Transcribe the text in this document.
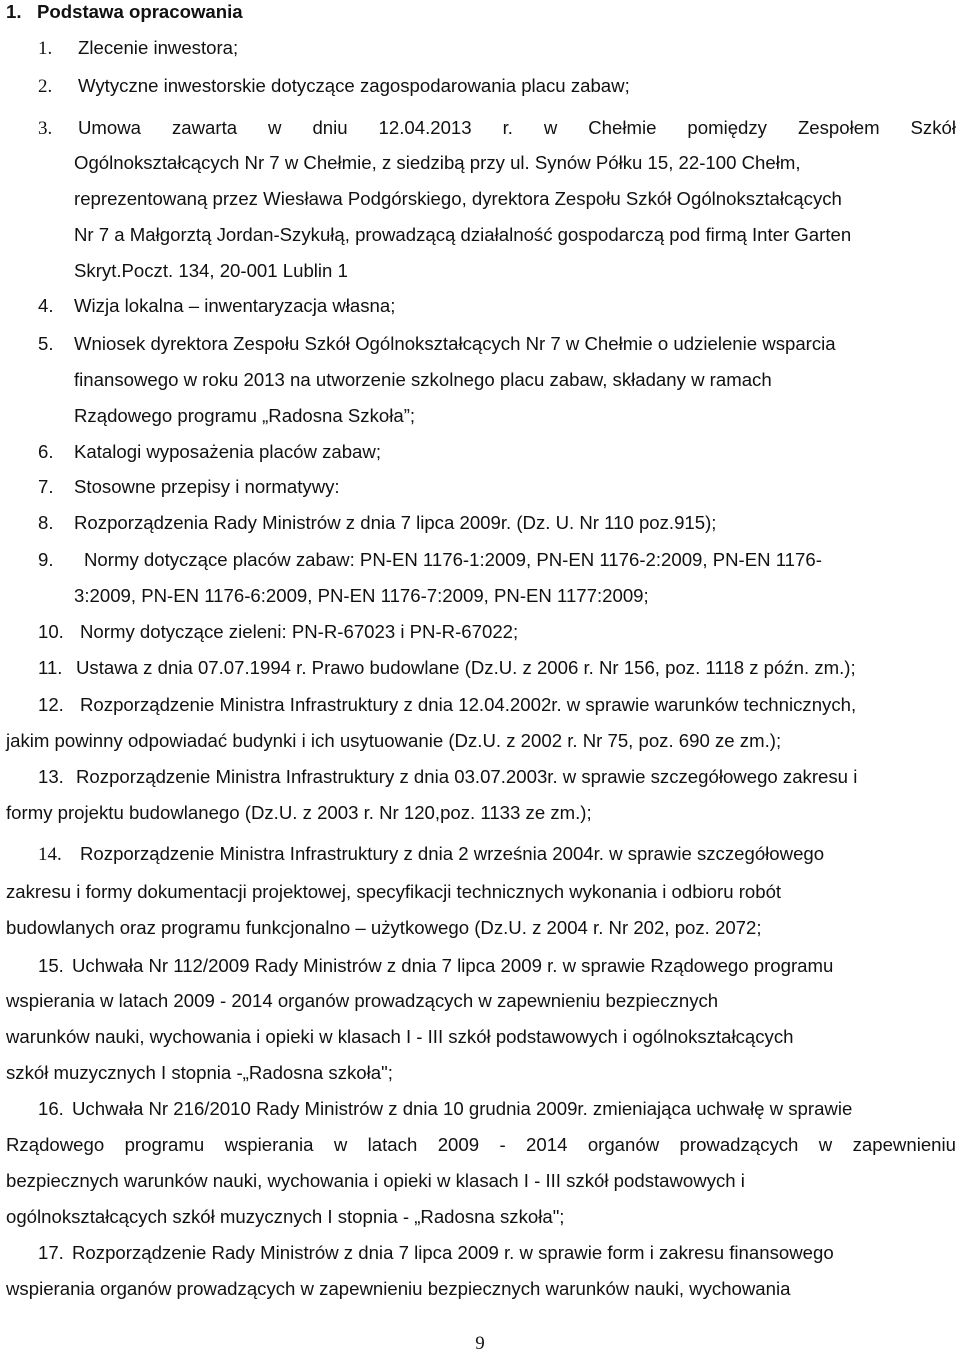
1. Podstawa opracowania
1. Zlecenie inwestora;
2. Wytyczne inwestorskie dotyczące zagospodarowania placu zabaw;
3. Umowa zawarta w dniu 12.04.2013 r. w Chełmie pomiędzy Zespołem Szkół
Ogólnokształcących Nr 7 w Chełmie, z siedzibą przy ul. Synów Półku 15, 22-100 Chełm,
reprezentowaną przez Wiesława Podgórskiego, dyrektora Zespołu Szkół Ogólnokształcących
Nr 7 a Małgorztą Jordan-Szykułą, prowadzącą działalność gospodarczą pod firmą Inter Garten
Skryt.Poczt. 134, 20-001 Lublin 1
4. Wizja lokalna – inwentaryzacja własna;
5. Wniosek dyrektora Zespołu Szkół Ogólnokształcących Nr 7 w Chełmie o udzielenie wsparcia
finansowego w roku 2013 na utworzenie szkolnego placu zabaw, składany w ramach
Rządowego programu „Radosna Szkoła”;
6. Katalogi wyposażenia placów zabaw;
7. Stosowne przepisy i normatywy:
8. Rozporządzenia Rady Ministrów z dnia 7 lipca 2009r. (Dz. U. Nr 110 poz.915);
9. Normy dotyczące placów zabaw: PN-EN 1176-1:2009, PN-EN 1176-2:2009, PN-EN 1176-
3:2009, PN-EN 1176-6:2009, PN-EN 1176-7:2009, PN-EN 1177:2009;
10. Normy dotyczące zieleni: PN-R-67023 i PN-R-67022;
11. Ustawa z dnia 07.07.1994 r. Prawo budowlane (Dz.U. z 2006 r. Nr 156, poz. 1118 z późn. zm.);
12. Rozporządzenie Ministra Infrastruktury z dnia 12.04.2002r. w sprawie warunków technicznych,
jakim powinny odpowiadać budynki i ich usytuowanie (Dz.U. z 2002 r. Nr 75, poz. 690 ze zm.);
13. Rozporządzenie Ministra Infrastruktury z dnia 03.07.2003r. w sprawie szczegółowego zakresu i
formy projektu budowlanego (Dz.U. z 2003 r. Nr 120,poz. 1133 ze zm.);
14. Rozporządzenie Ministra Infrastruktury z dnia 2 września 2004r. w sprawie szczegółowego
zakresu i formy dokumentacji projektowej, specyfikacji technicznych wykonania i odbioru robót
budowlanych oraz programu funkcjonalno – użytkowego (Dz.U. z 2004 r. Nr 202, poz. 2072;
15. Uchwała Nr 112/2009 Rady Ministrów z dnia 7 lipca 2009 r. w sprawie Rządowego programu
wspierania w latach 2009 - 2014 organów prowadzących w zapewnieniu bezpiecznych
warunków nauki, wychowania i opieki w klasach I - III szkół podstawowych i ogólnokształcących
szkół muzycznych I stopnia -„Radosna szkoła";
16. Uchwała Nr 216/2010 Rady Ministrów z dnia 10 grudnia 2009r. zmieniająca uchwałę w sprawie
Rządowego programu wspierania w latach 2009 - 2014 organów prowadzących w zapewnieniu
bezpiecznych warunków nauki, wychowania i opieki w klasach I - III szkół podstawowych i
ogólnokształcących szkół muzycznych I stopnia - „Radosna szkoła";
17. Rozporządzenie Rady Ministrów z dnia 7 lipca 2009 r. w sprawie form i zakresu finansowego
wspierania organów prowadzących w zapewnieniu bezpiecznych warunków nauki, wychowania
9
